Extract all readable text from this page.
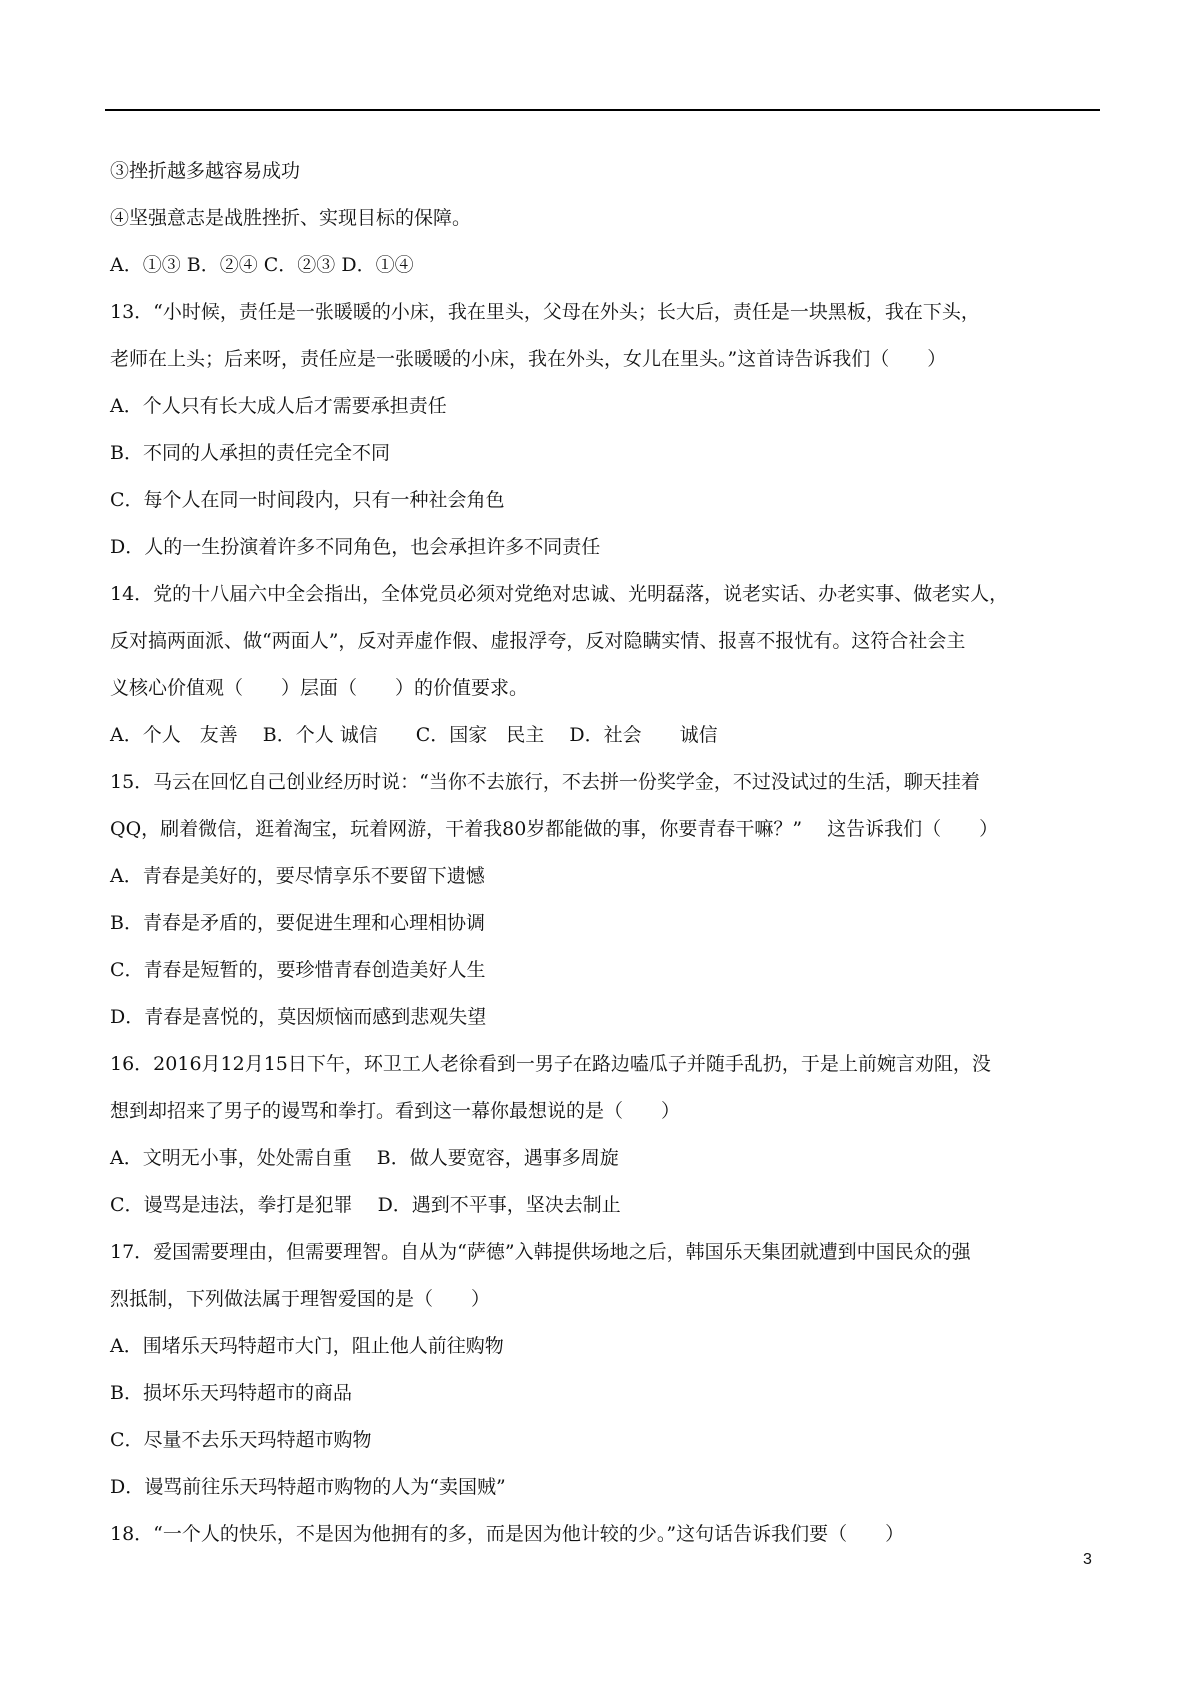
③挫折越多越容易成功
④坚强意志是战胜挫折、实现目标的保障。
A．①③ B．②④ C．②③ D．①④
13．“小时候，责任是一张暖暖的小床，我在里头，父母在外头；长大后，责任是一块黑板，我在下头，
老师在上头；后来呀，责任应是一张暖暖的小床，我在外头，女儿在里头。”这首诗告诉我们（　　）
A．个人只有长大成人后才需要承担责任
B．不同的人承担的责任完全不同
C．每个人在同一时间段内，只有一种社会角色
D．人的一生扮演着许多不同角色，也会承担许多不同责任
14．党的十八届六中全会指出，全体党员必须对党绝对忠诚、光明磊落，说老实话、办老实事、做老实人，
反对搞两面派、做“两面人”，反对弄虚作假、虚报浮夸，反对隐瞒实情、报喜不报忧有。这符合社会主
义核心价值观（　　）层面（　　）的价值要求。
A．个人　友善　 B．个人 诚信　　C．国家　民主　 D．社会　　诚信
15．马云在回忆自己创业经历时说：“当你不去旅行，不去拼一份奖学金，不过没试过的生活，聊天挂着
QQ，刷着微信，逛着淘宝，玩着网游，干着我80岁都能做的事，你要青春干嘛？”　 这告诉我们（　　）
A．青春是美好的，要尽情享乐不要留下遗憾
B．青春是矛盾的，要促进生理和心理相协调
C．青春是短暂的，要珍惜青春创造美好人生
D．青春是喜悦的，莫因烦恼而感到悲观失望
16．2016月12月15日下午，环卫工人老徐看到一男子在路边嗑瓜子并随手乱扔，于是上前婉言劝阻，没
想到却招来了男子的谩骂和拳打。看到这一幕你最想说的是（　　）
A．文明无小事，处处需自重　 B．做人要宽容，遇事多周旋
C．谩骂是违法，拳打是犯罪　 D．遇到不平事，坚决去制止
17．爱国需要理由，但需要理智。自从为“萨德”入韩提供场地之后，韩国乐天集团就遭到中国民众的强
烈抵制，下列做法属于理智爱国的是（　　）
A．围堵乐天玛特超市大门，阻止他人前往购物
B．损坏乐天玛特超市的商品
C．尽量不去乐天玛特超市购物
D．谩骂前往乐天玛特超市购物的人为“卖国贼”
18．“一个人的快乐，不是因为他拥有的多，而是因为他计较的少。”这句话告诉我们要（　　）
3
